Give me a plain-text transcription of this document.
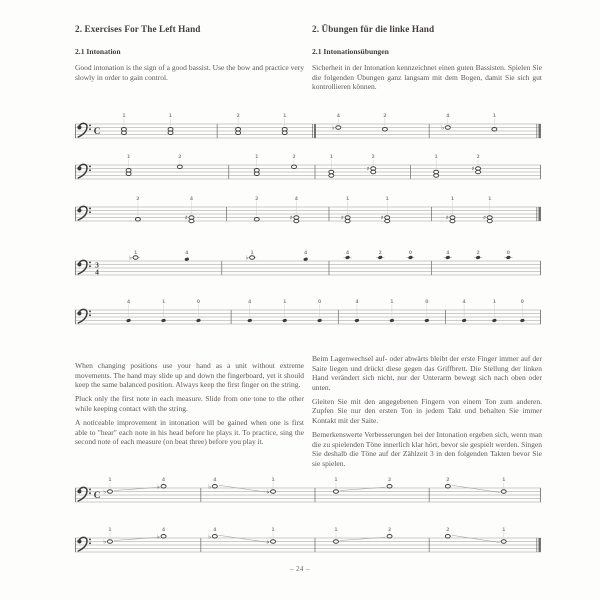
2. Exercises For The Left Hand
2.1 Intonation

Good intonation is the sign of a good bassist. Use the bow and practice very slowly in order to gain control.

2. Übungen für die linke Hand
2.1 Intonationsübungen

Sicherheit in der Intonation kennzeichnet einen guten Bassisten. Spielen Sie die folgenden Übungen ganz langsam mit dem Bogen, damit Sie sich gut kontrollieren können.

C
1	1	2	1	4
♭
2	4
♭
1
1	2	1	2	1	2
♯
1	2
♯
2	4
♯
2	4
♯
1
♯
1
♯
1
♯
1
♯
3
4
1
♭
4	1
♭
4	4	2	0	4	2	0
4	1	0	4	1	0	4	1	0	4	1	0
C
1
♭
4
♭
4
♭
1
♭
1	2	2	1
1
♭
4
♭
4
♭
1
♭
1	2	2	1

When changing positions use your hand as a unit without extreme movements. The hand may slide up and down the fingerboard, yet it should keep the same balanced position. Always keep the first finger on the string.

Pluck only the first note in each measure. Slide from one tone to the other while keeping contact with the string.

A noticeable improvement in intonation will be gained when one is first able to "hear" each note in his head before he plays it. To practice, sing the second note of each measure (on beat three) before you play it.

Beim Lagenwechsel auf- oder abwärts bleibt der erste Finger immer auf der Saite liegen und drückt diese gegen das Griffbrett. Die Stellung der linken Hand verändert sich nicht, nur der Unterarm bewegt sich nach oben oder unten.

Gleiten Sie mit den angegebenen Fingern von einem Ton zum anderen. Zupfen Sie nur den ersten Ton in jedem Takt und behalten Sie immer Kontakt mit der Saite.

Bemerkenswerte Verbesserungen bei der Intonation ergeben sich, wenn man die zu spielenden Töne innerlich klar hört, bevor sie gespielt werden. Singen Sie deshalb die Töne auf der Zählzeit 3 in den folgenden Takten bevor Sie sie spielen.

– 24 –
